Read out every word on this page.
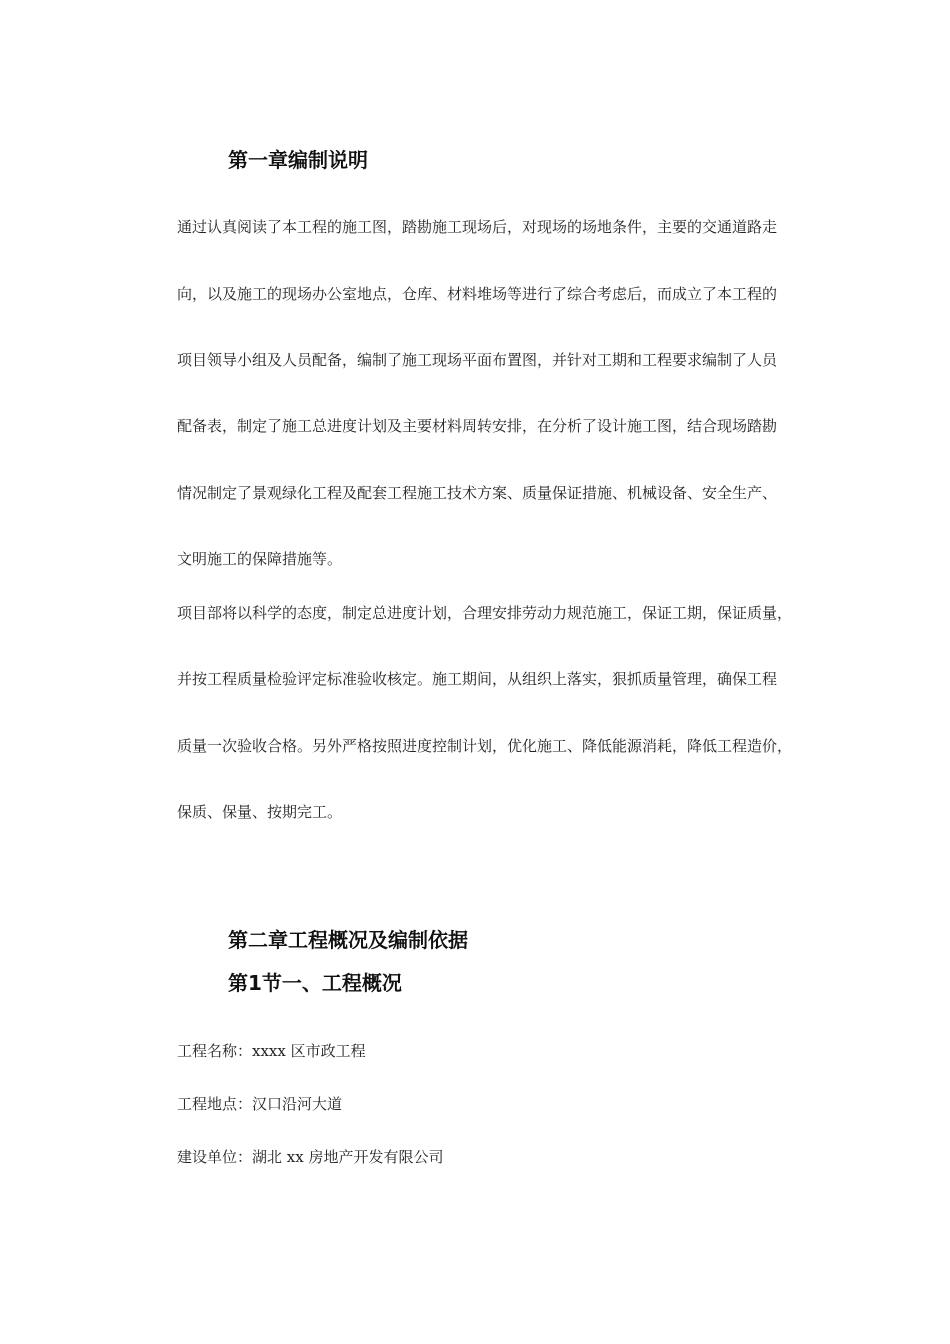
第一章编制说明
通过认真阅读了本工程的施工图，踏勘施工现场后，对现场的场地条件，主要的交通道路走
向，以及施工的现场办公室地点，仓库、材料堆场等进行了综合考虑后，而成立了本工程的
项目领导小组及人员配备，编制了施工现场平面布置图，并针对工期和工程要求编制了人员
配备表，制定了施工总进度计划及主要材料周转安排，在分析了设计施工图，结合现场踏勘
情况制定了景观绿化工程及配套工程施工技术方案、质量保证措施、机械设备、安全生产、
文明施工的保障措施等。
项目部将以科学的态度，制定总进度计划，合理安排劳动力规范施工，保证工期，保证质量，
并按工程质量检验评定标准验收核定。施工期间，从组织上落实，狠抓质量管理，确保工程
质量一次验收合格。另外严格按照进度控制计划，优化施工、降低能源消耗，降低工程造价，
保质、保量、按期完工。
第二章工程概况及编制依据
第1节一、工程概况
工程名称：xxxx 区市政工程
工程地点：汉口沿河大道
建设单位：湖北 xx 房地产开发有限公司
